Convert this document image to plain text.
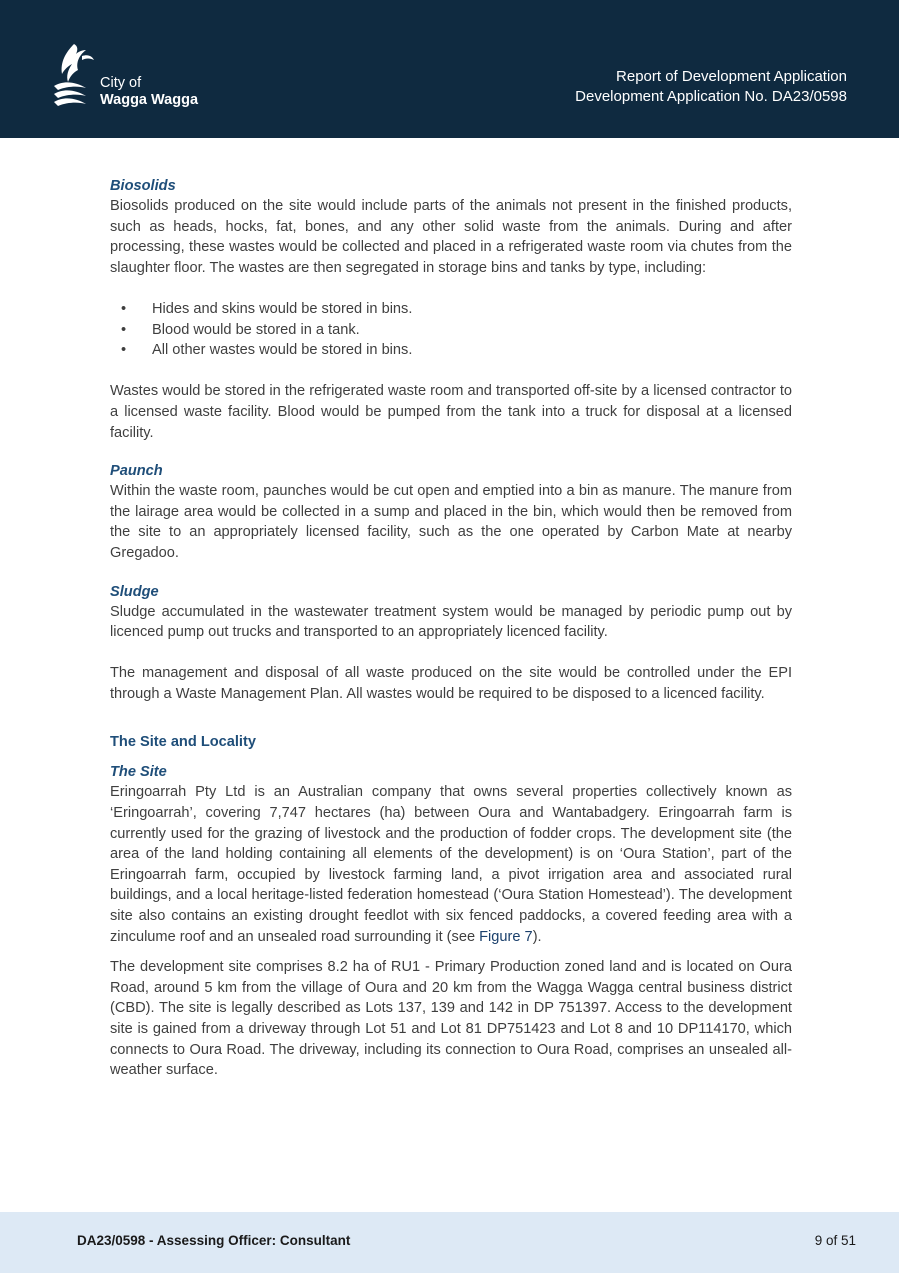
City of
Wagga Wagga
Report of Development Application
Development Application No. DA23/0598
Biosolids

Biosolids produced on the site would include parts of the animals not present in the finished products, such as heads, hocks, fat, bones, and any other solid waste from the animals. During and after processing, these wastes would be collected and placed in a refrigerated waste room via chutes from the slaughter floor. The wastes are then segregated in storage bins and tanks by type, including:

• Hides and skins would be stored in bins.
• Blood would be stored in a tank.
• All other wastes would be stored in bins.

Wastes would be stored in the refrigerated waste room and transported off-site by a licensed contractor to a licensed waste facility. Blood would be pumped from the tank into a truck for disposal at a licensed facility.

Paunch

Within the waste room, paunches would be cut open and emptied into a bin as manure. The manure from the lairage area would be collected in a sump and placed in the bin, which would then be removed from the site to an appropriately licensed facility, such as the one operated by Carbon Mate at nearby Gregadoo.

Sludge

Sludge accumulated in the wastewater treatment system would be managed by periodic pump out by licenced pump out trucks and transported to an appropriately licenced facility.

The management and disposal of all waste produced on the site would be controlled under the EPI through a Waste Management Plan. All wastes would be required to be disposed to a licenced facility.

The Site and Locality
The Site

Eringoarrah Pty Ltd is an Australian company that owns several properties collectively known as ‘Eringoarrah’, covering 7,747 hectares (ha) between Oura and Wantabadgery. Eringoarrah farm is currently used for the grazing of livestock and the production of fodder crops. The development site (the area of the land holding containing all elements of the development) is on ‘Oura Station’, part of the Eringoarrah farm, occupied by livestock farming land, a pivot irrigation area and associated rural buildings, and a local heritage-listed federation homestead (‘Oura Station Homestead’). The development site also contains an existing drought feedlot with six fenced paddocks, a covered feeding area with a zinculume roof and an unsealed road surrounding it (see Figure 7).

The development site comprises 8.2 ha of RU1 - Primary Production zoned land and is located on Oura Road, around 5 km from the village of Oura and 20 km from the Wagga Wagga central business district (CBD). The site is legally described as Lots 137, 139 and 142 in DP 751397. Access to the development site is gained from a driveway through Lot 51 and Lot 81 DP751423 and Lot 8 and 10 DP114170, which connects to Oura Road. The driveway, including its connection to Oura Road, comprises an unsealed all-weather surface.

DA23/0598 - Assessing Officer: Consultant	9 of 51
